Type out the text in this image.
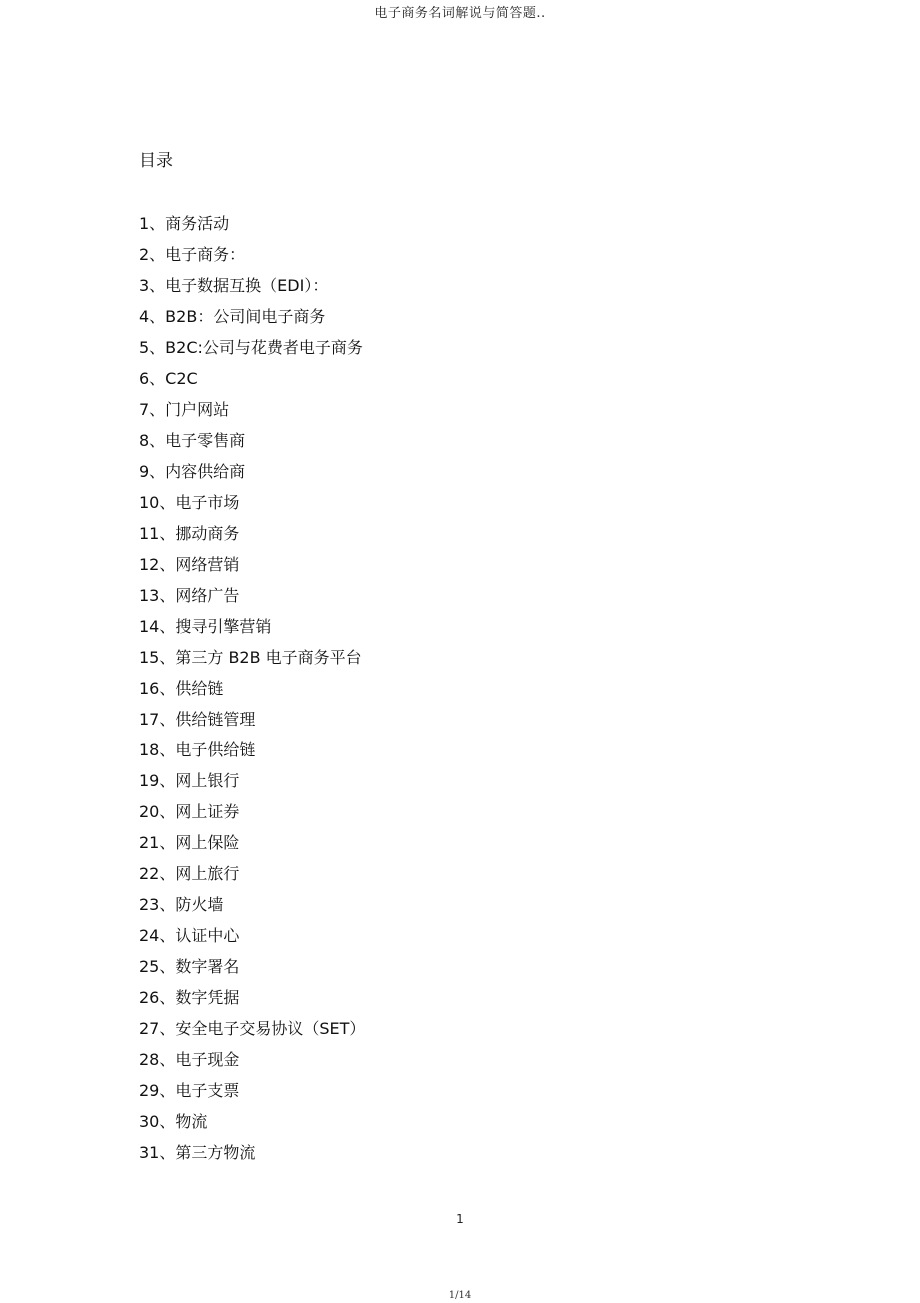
电子商务名词解说与简答题..
目录
1、商务活动
2、电子商务：
3、电子数据互换（EDI）：
4、B2B：公司间电子商务
5、B2C:公司与花费者电子商务
6、C2C
7、门户网站
8、电子零售商
9、内容供给商
10、电子市场
11、挪动商务
12、网络营销
13、网络广告
14、搜寻引擎营销
15、第三方 B2B 电子商务平台
16、供给链
17、供给链管理
18、电子供给链
19、网上银行
20、网上证券
21、网上保险
22、网上旅行
23、防火墙
24、认证中心
25、数字署名
26、数字凭据
27、安全电子交易协议（SET）
28、电子现金
29、电子支票
30、物流
31、第三方物流
1
1/14
